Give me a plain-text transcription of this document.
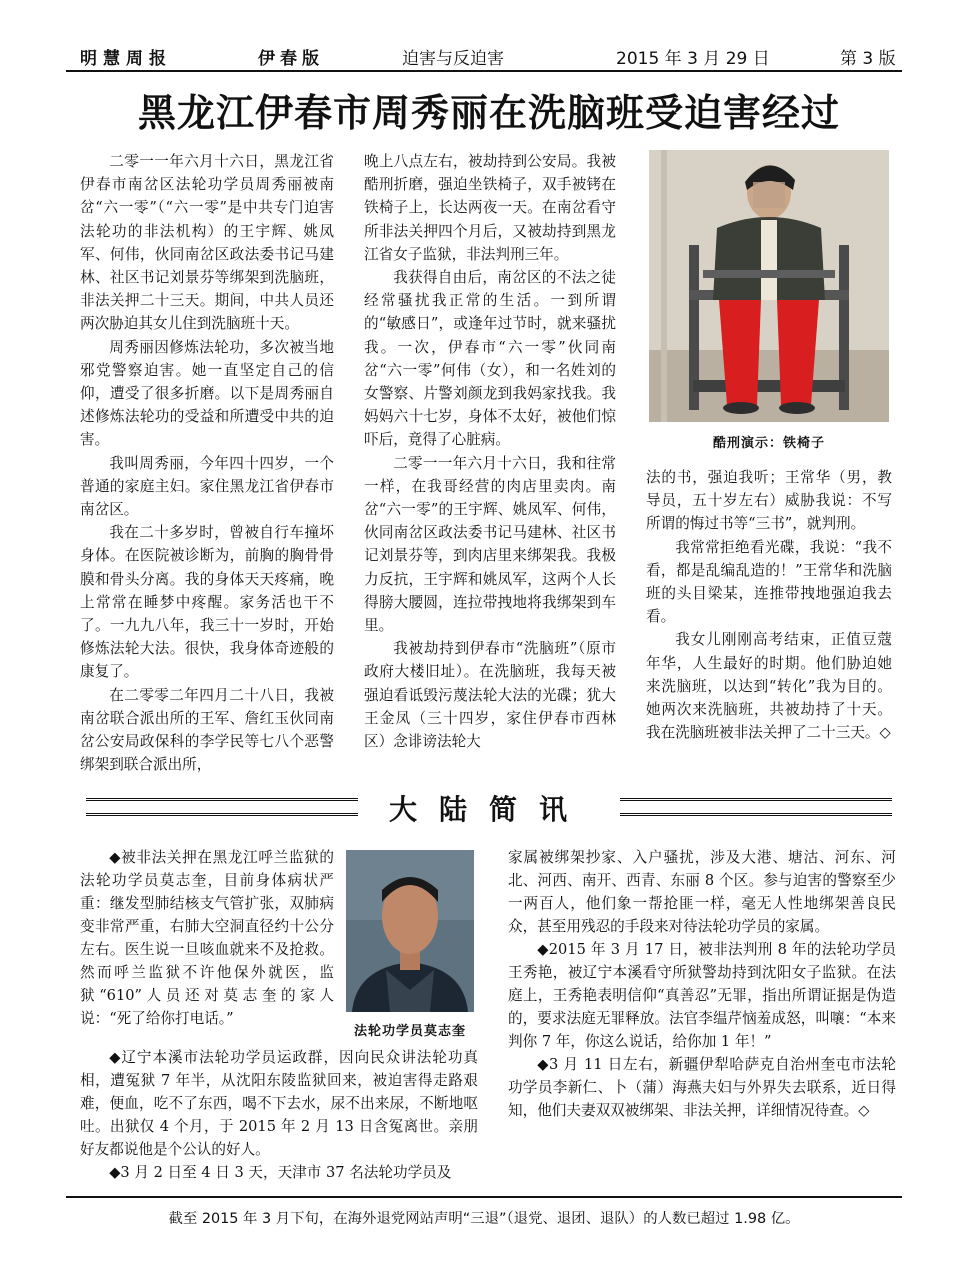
明慧周报	伊春版	迫害与反迫害	2015 年 3 月 29 日	第 3 版
黑龙江伊春市周秀丽在洗脑班受迫害经过

二零一一年六月十六日，黑龙江省伊春市南岔区法轮功学员周秀丽被南岔“六一零”（“六一零”是中共专门迫害法轮功的非法机构）的王宇辉、姚凤军、何伟，伙同南岔区政法委书记马建林、社区书记刘景芬等绑架到洗脑班，非法关押二十三天。期间，中共人员还两次胁迫其女儿住到洗脑班十天。

周秀丽因修炼法轮功，多次被当地邪党警察迫害。她一直坚定自己的信仰，遭受了很多折磨。以下是周秀丽自述修炼法轮功的受益和所遭受中共的迫害。

我叫周秀丽，今年四十四岁，一个普通的家庭主妇。家住黑龙江省伊春市南岔区。

我在二十多岁时，曾被自行车撞坏身体。在医院被诊断为，前胸的胸骨骨膜和骨头分离。我的身体天天疼痛，晚上常常在睡梦中疼醒。家务活也干不了。一九九八年，我三十一岁时，开始修炼法轮大法。很快，我身体奇迹般的康复了。

在二零零二年四月二十八日，我被南岔联合派出所的王军、詹红玉伙同南岔公安局政保科的李学民等七八个恶警绑架到联合派出所，

晚上八点左右，被劫持到公安局。我被酷刑折磨，强迫坐铁椅子，双手被铐在铁椅子上，长达两夜一天。在南岔看守所非法关押四个月后，又被劫持到黑龙江省女子监狱，非法判刑三年。

我获得自由后，南岔区的不法之徒经常骚扰我正常的生活。一到所谓的“敏感日”，或逢年过节时，就来骚扰我。一次，伊春市“六一零”伙同南岔“六一零”何伟（女），和一名姓刘的女警察、片警刘颜龙到我妈家找我。我妈妈六十七岁，身体不太好，被他们惊吓后，竟得了心脏病。

二零一一年六月十六日，我和往常一样，在我哥经营的肉店里卖肉。南岔“六一零”的王宇辉、姚凤军、何伟，伙同南岔区政法委书记马建林、社区书记刘景芬等，到肉店里来绑架我。我极力反抗，王宇辉和姚凤军，这两个人长得膀大腰圆，连拉带拽地将我绑架到车里。

我被劫持到伊春市“洗脑班”（原市政府大楼旧址）。在洗脑班，我每天被强迫看诋毁污蔑法轮大法的光碟；犹大王金凤（三十四岁，家住伊春市西林区）念诽谤法轮大

酷刑演示：铁椅子

法的书，强迫我听；王常华（男，教导员，五十岁左右）威胁我说：不写所谓的悔过书等“三书”，就判刑。

我常常拒绝看光碟，我说：“我不看，都是乱编乱造的！”王常华和洗脑班的头目梁某，连推带拽地强迫我去看。

我女儿刚刚高考结束，正值豆蔻年华，人生最好的时期。他们胁迫她来洗脑班，以达到“转化”我为目的。她两次来洗脑班，共被劫持了十天。我在洗脑班被非法关押了二十三天。◇

大陆简讯
法轮功学员莫志奎

◆被非法关押在黑龙江呼兰监狱的法轮功学员莫志奎，目前身体病状严重：继发型肺结核支气管扩张，双肺病变非常严重，右肺大空洞直径约十公分左右。医生说一旦咳血就来不及抢救。然而呼兰监狱不许他保外就医，监狱“610”人员还对莫志奎的家人说：“死了给你打电话。”

◆辽宁本溪市法轮功学员运政群，因向民众讲法轮功真相，遭冤狱 7 年半，从沈阳东陵监狱回来，被迫害得走路艰难，便血，吃不了东西，喝不下去水，尿不出来尿，不断地呕吐。出狱仅 4 个月，于 2015 年 2 月 13 日含冤离世。亲朋好友都说他是个公认的好人。

◆3 月 2 日至 4 日 3 天，天津市 37 名法轮功学员及

家属被绑架抄家、入户骚扰，涉及大港、塘沽、河东、河北、河西、南开、西青、东丽 8 个区。参与迫害的警察至少一两百人，他们象一帮抢匪一样，毫无人性地绑架善良民众，甚至用残忍的手段来对待法轮功学员的家属。

◆2015 年 3 月 17 日，被非法判刑 8 年的法轮功学员王秀艳，被辽宁本溪看守所狱警劫持到沈阳女子监狱。在法庭上，王秀艳表明信仰“真善忍”无罪，指出所谓证据是伪造的，要求法庭无罪释放。法官李缊芹恼羞成怒，叫嚷：“本来判你 7 年，你这么说话，给你加 1 年！”

◆3 月 11 日左右，新疆伊犁哈萨克自治州奎屯市法轮功学员李新仁、卜（蒲）海燕夫妇与外界失去联系，近日得知，他们夫妻双双被绑架、非法关押，详细情况待查。◇

截至 2015 年 3 月下旬，在海外退党网站声明“三退”（退党、退团、退队）的人数已超过 1.98 亿。
